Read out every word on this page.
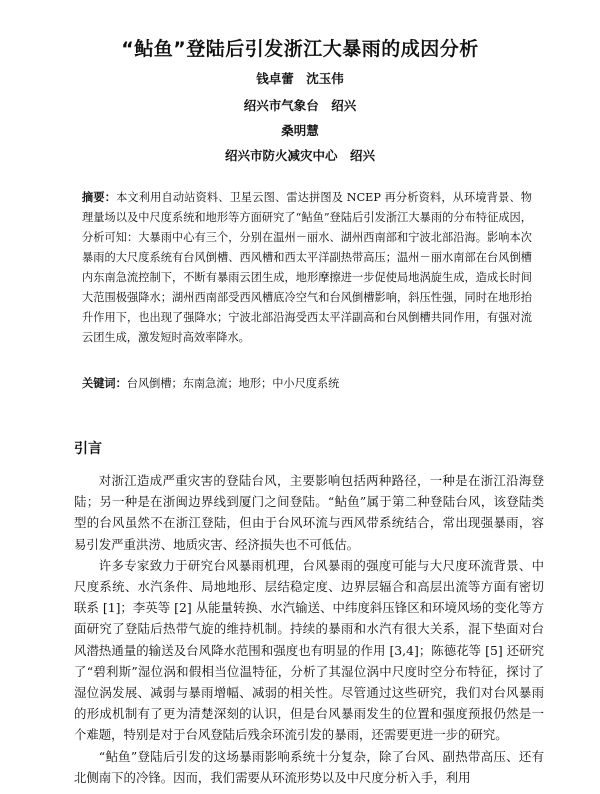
“鲇鱼”登陆后引发浙江大暴雨的成因分析
钱卓蕾　沈玉伟
绍兴市气象台　绍兴
桑明慧
绍兴市防火减灾中心　绍兴

摘要：本文利用自动站资料、卫星云图、雷达拼图及 NCEP 再分析资料，从环境背景、物理量场以及中尺度系统和地形等方面研究了“鲇鱼”登陆后引发浙江大暴雨的分布特征成因，分析可知：大暴雨中心有三个，分别在温州－丽水、湖州西南部和宁波北部沿海。影响本次暴雨的大尺度系统有台风倒槽、西风槽和西太平洋副热带高压；温州－丽水南部在台风倒槽内东南急流控制下，不断有暴雨云团生成，地形摩擦进一步促使局地涡旋生成，造成长时间大范围极强降水；湖州西南部受西风槽底冷空气和台风倒槽影响，斜压性强，同时在地形抬升作用下，也出现了强降水；宁波北部沿海受西太平洋副高和台风倒槽共同作用，有强对流云团生成，激发短时高效率降水。

关键词：台风倒槽；东南急流；地形；中小尺度系统

引言

对浙江造成严重灾害的登陆台风，主要影响包括两种路径，一种是在浙江沿海登陆；另一种是在浙闽边界线到厦门之间登陆。“鲇鱼”属于第二种登陆台风，该登陆类型的台风虽然不在浙江登陆，但由于台风环流与西风带系统结合，常出现强暴雨，容易引发严重洪涝、地质灾害、经济损失也不可低估。

许多专家致力于研究台风暴雨机理，台风暴雨的强度可能与大尺度环流背景、中尺度系统、水汽条件、局地地形、层结稳定度、边界层辐合和高层出流等方面有密切联系 [1]；李英等 [2] 从能量转换、水汽输送、中纬度斜压锋区和环境风场的变化等方面研究了登陆后热带气旋的维持机制。持续的暴雨和水汽有很大关系，混下垫面对台风潜热通量的输送及台风降水范围和强度也有明显的作用 [3,4]；陈德花等 [5] 还研究了“碧利斯”湿位涡和假相当位温特征，分析了其湿位涡中尺度时空分布特征，探讨了湿位涡发展、减弱与暴雨增幅、减弱的相关性。尽管通过这些研究，我们对台风暴雨的形成机制有了更为清楚深刻的认识，但是台风暴雨发生的位置和强度预报仍然是一个难题，特别是对于台风登陆后残余环流引发的暴雨，还需要更进一步的研究。

“鲇鱼”登陆后引发的这场暴雨影响系统十分复杂，除了台风、副热带高压、还有北侧南下的冷锋。因而，我们需要从环流形势以及中尺度分析入手，利用
